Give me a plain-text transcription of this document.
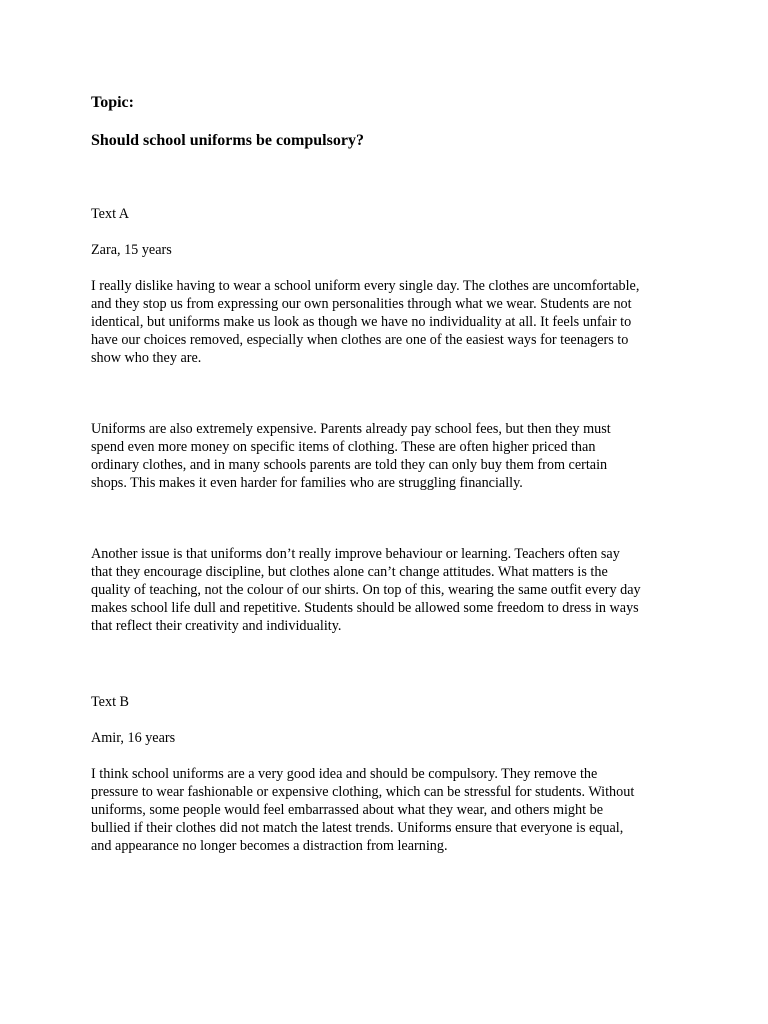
Topic:

Should school uniforms be compulsory?

Text A

Zara, 15 years

I really dislike having to wear a school uniform every single day. The clothes are uncomfortable,
and they stop us from expressing our own personalities through what we wear. Students are not
identical, but uniforms make us look as though we have no individuality at all. It feels unfair to
have our choices removed, especially when clothes are one of the easiest ways for teenagers to
show who they are.
Uniforms are also extremely expensive. Parents already pay school fees, but then they must
spend even more money on specific items of clothing. These are often higher priced than
ordinary clothes, and in many schools parents are told they can only buy them from certain
shops. This makes it even harder for families who are struggling financially.
Another issue is that uniforms don’t really improve behaviour or learning. Teachers often say
that they encourage discipline, but clothes alone can’t change attitudes. What matters is the
quality of teaching, not the colour of our shirts. On top of this, wearing the same outfit every day
makes school life dull and repetitive. Students should be allowed some freedom to dress in ways
that reflect their creativity and individuality.

Text B

Amir, 16 years

I think school uniforms are a very good idea and should be compulsory. They remove the
pressure to wear fashionable or expensive clothing, which can be stressful for students. Without
uniforms, some people would feel embarrassed about what they wear, and others might be
bullied if their clothes did not match the latest trends. Uniforms ensure that everyone is equal,
and appearance no longer becomes a distraction from learning.
